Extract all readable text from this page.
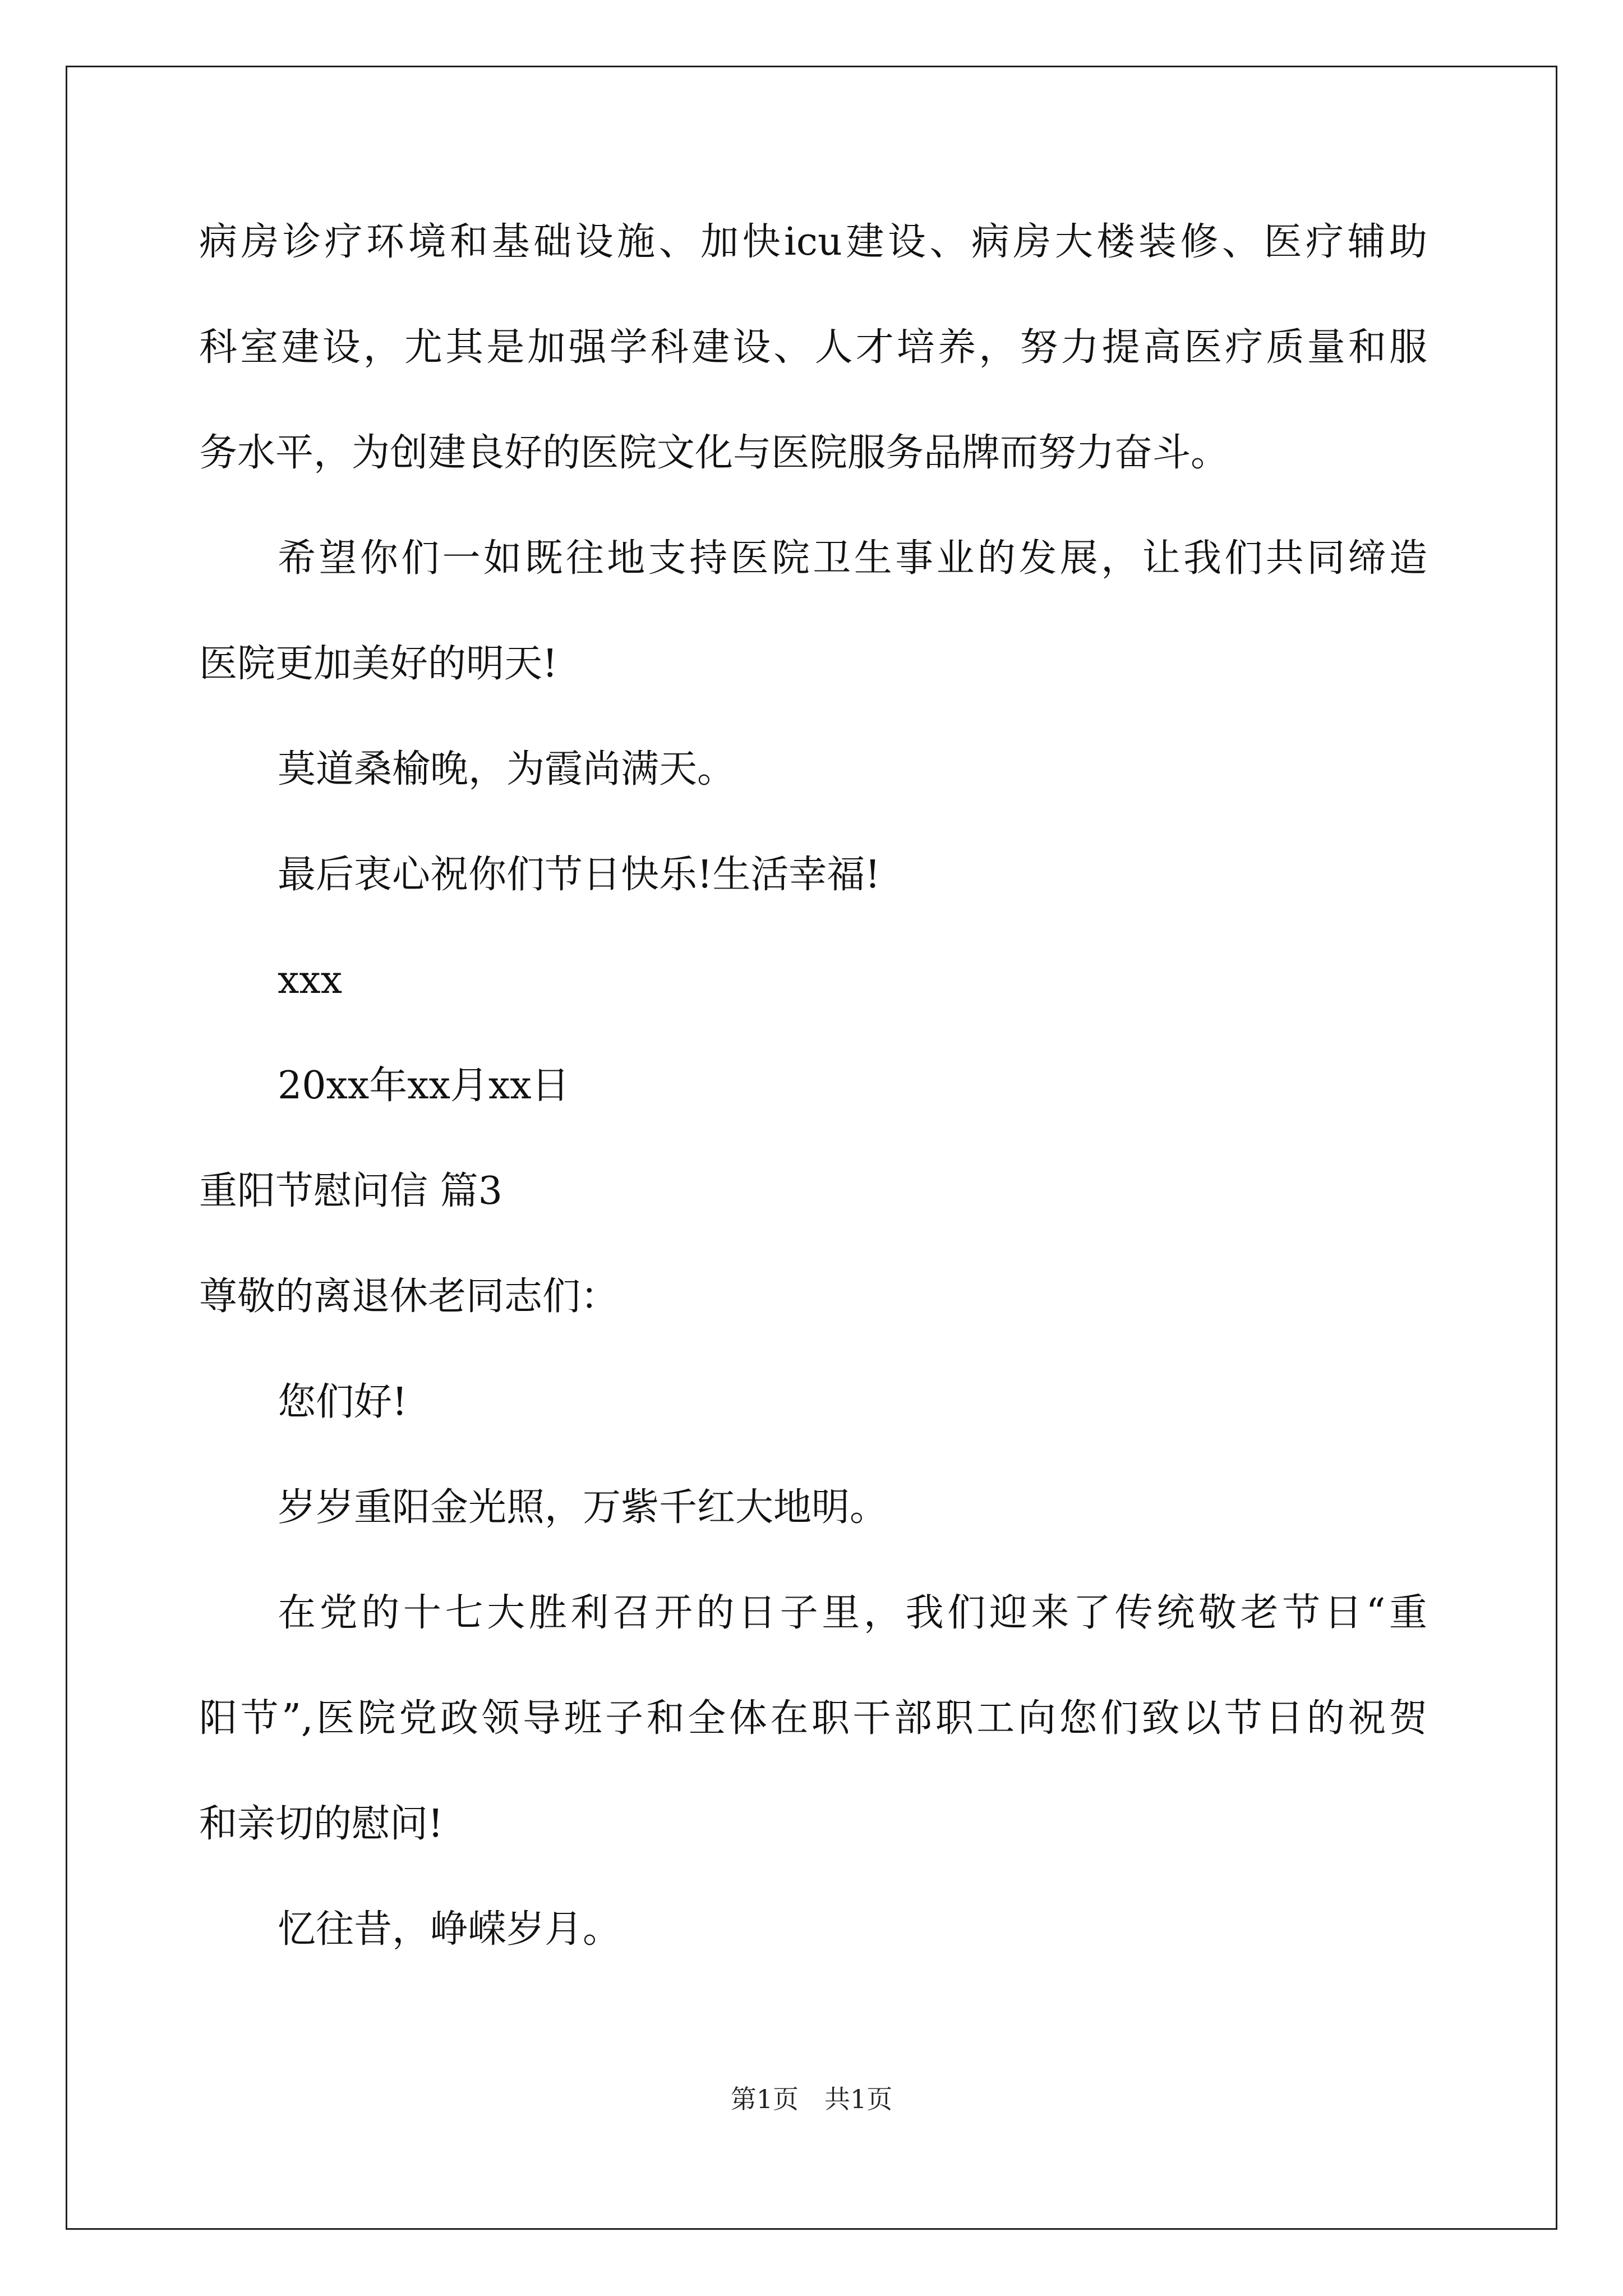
病房诊疗环境和基础设施、加快icu建设、病房大楼装修、医疗辅助
科室建设，尤其是加强学科建设、人才培养，努力提高医疗质量和服
务水平，为创建良好的医院文化与医院服务品牌而努力奋斗。
希望你们一如既往地支持医院卫生事业的发展，让我们共同缔造
医院更加美好的明天!
莫道桑榆晚，为霞尚满天。
最后衷心祝你们节日快乐!生活幸福!
xxx
20xx年xx月xx日
重阳节慰问信 篇3
尊敬的离退休老同志们：
您们好!
岁岁重阳金光照，万紫千红大地明。
在党的十七大胜利召开的日子里，我们迎来了传统敬老节日“重
阳节”,医院党政领导班子和全体在职干部职工向您们致以节日的祝贺
和亲切的慰问!
忆往昔，峥嵘岁月。
第1页　共1页
